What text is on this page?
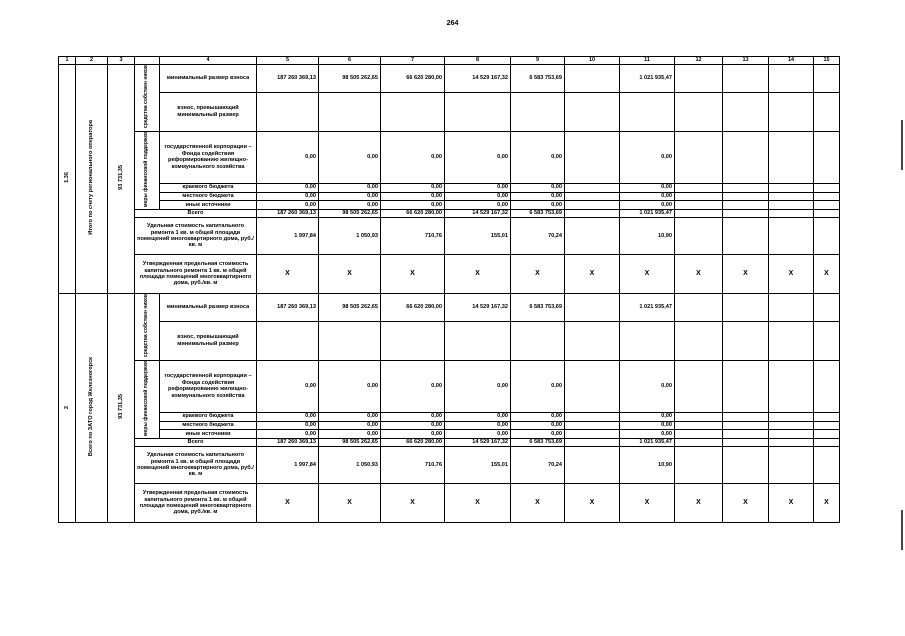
264
1	2	3		4	5	6	7	8	9	10	11	12	13	14	15
1.36	Итого по счету регионального оператора	93 731,35	средства собствен ников	минимальный размер взноса	187 260 369,13	98 505 262,65	66 620 280,00	14 529 167,32	6 583 753,69		1 021 935,47				
				взнос, превышающий минимальный размер											
			меры финансовой поддержки	государственной корпорации – Фонда содействия реформированию жилищно-коммунального хозяйства	0,00	0,00	0,00	0,00	0,00		0,00				
				краевого бюджета	0,00	0,00	0,00	0,00	0,00		0,00				
				местного бюджета	0,00	0,00	0,00	0,00	0,00		0,00				
				иные источники	0,00	0,00	0,00	0,00	0,00		0,00				
			Всего		187 260 369,13	98 505 262,65	66 620 280,00	14 529 167,32	6 583 753,69		1 021 935,47				
			Удельная стоимость капитального ремонта 1 кв. м общей площади помещений многоквартирного дома, руб./кв. м		1 997,84	1 050,93	710,76	155,01	70,24		10,90				
			Утвержденная предельная стоимость капитального ремонта 1 кв. м общей площади помещений многоквартирного дома, руб./кв. м		X	X	X	X	X	X	X	X	X	X	X
2	Всего по ЗАТО город Железногорск	93 731,35	средства собствен ников	минимальный размер взноса	187 260 369,13	98 505 262,65	66 620 280,00	14 529 167,32	6 583 753,69		1 021 935,47				
				взнос, превышающий минимальный размер											
			меры финансовой поддержки	государственной корпорации – Фонда содействия реформированию жилищно-коммунального хозяйства	0,00	0,00	0,00	0,00	0,00		0,00				
				краевого бюджета	0,00	0,00	0,00	0,00	0,00		0,00				
				местного бюджета	0,00	0,00	0,00	0,00	0,00		0,00				
				иные источники	0,00	0,00	0,00	0,00	0,00		0,00				
			Всего		187 260 369,13	98 505 262,65	66 620 280,00	14 529 167,32	6 583 753,69		1 021 935,47				
			Удельная стоимость капитального ремонта 1 кв. м общей площади помещений многоквартирного дома, руб./кв. м		1 997,84	1 050,93	710,76	155,01	70,24		10,90				
			Утвержденная предельная стоимость капитального ремонта 1 кв. м общей площади помещений многоквартирного дома, руб./кв. м		X	X	X	X	X	X	X	X	X	X	X
